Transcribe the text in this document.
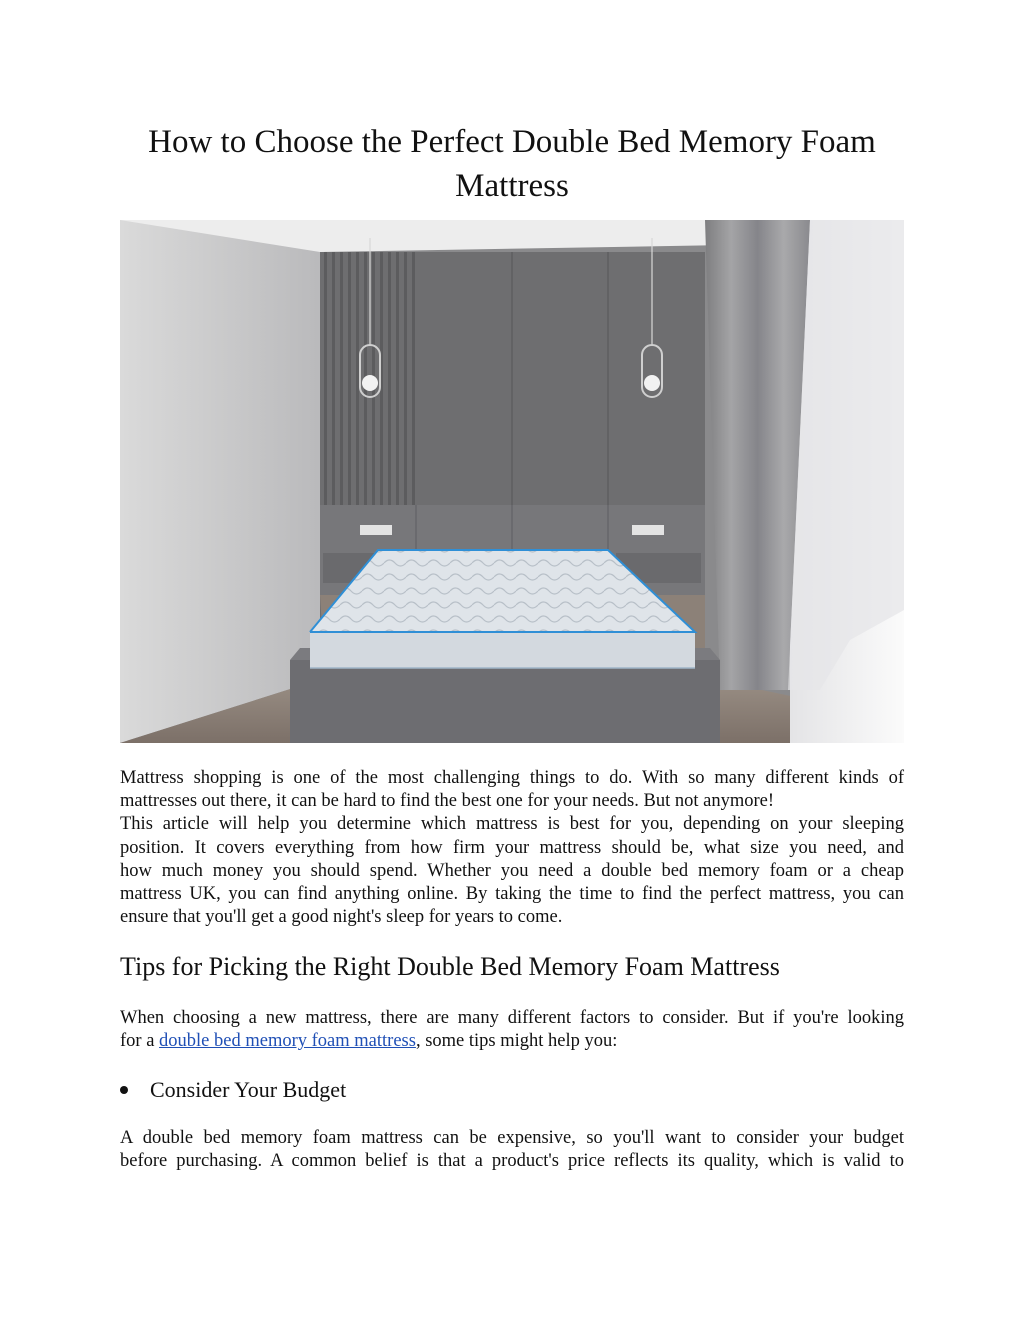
How to Choose the Perfect Double Bed Memory Foam
Mattress

Mattress shopping is one of the most challenging things to do. With so many different kinds of
mattresses out there, it can be hard to find the best one for your needs. But not anymore!
This article will help you determine which mattress is best for you, depending on your sleeping
position. It covers everything from how firm your mattress should be, what size you need, and
how much money you should spend. Whether you need a double bed memory foam or a cheap
mattress UK, you can find anything online. By taking the time to find the perfect mattress, you can
ensure that you'll get a good night's sleep for years to come.

Tips for Picking the Right Double Bed Memory Foam Mattress

When choosing a new mattress, there are many different factors to consider. But if you're looking
for a double bed memory foam mattress, some tips might help you:

Consider Your Budget

A double bed memory foam mattress can be expensive, so you'll want to consider your budget
before purchasing. A common belief is that a product's price reflects its quality, which is valid to
